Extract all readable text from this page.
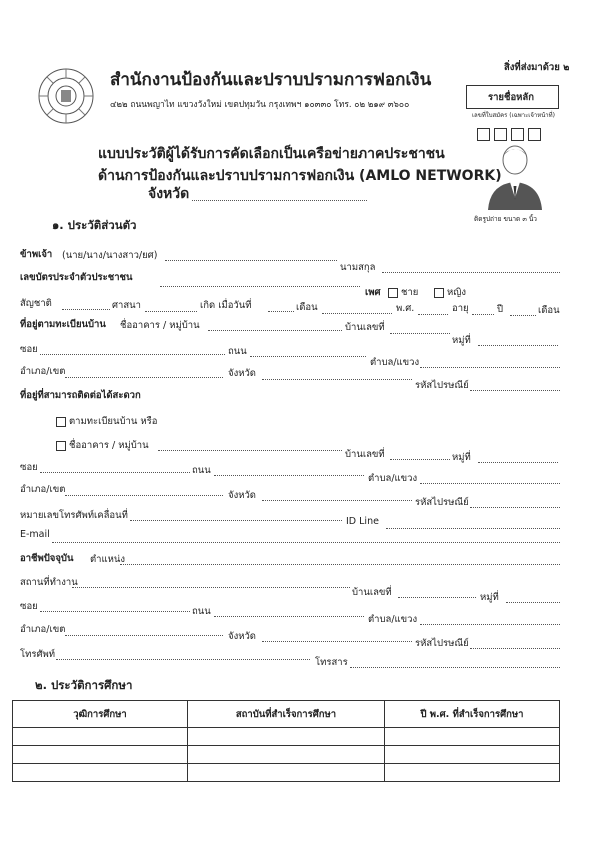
สิ่งที่ส่งมาด้วย ๒
สำนักงานป้องกันและปราบปรามการฟอกเงิน
๔๒๒ ถนนพญาไท แขวงวังใหม่ เขตปทุมวัน กรุงเทพฯ ๑๐๓๓๐ โทร. ๐๒ ๒๑๙ ๓๖๐๐
แบบประวัติผู้ได้รับการคัดเลือกเป็นเครือข่ายภาคประชาชน
ด้านการป้องกันและปราบปรามการฟอกเงิน (AMLO NETWORK)
จังหวัด
รายชื่อหลัก
เลขที่ใบสมัคร (เฉพาะเจ้าหน้าที่)
ติดรูปถ่าย ขนาด ๓ นิ้ว
๑. ประวัติส่วนตัว
ข้าพเจ้า (นาย/นาง/นางสาว/ยศ)
นามสกุล
เลขบัตรประจำตัวประชาชน
เพศ	ชาย	หญิง
สัญชาติ	ศาสนา	เกิด เมื่อวันที่	เดือน	พ.ศ.	อายุ	ปี	เดือน
ที่อยู่ตามทะเบียนบ้าน ชื่ออาคาร / หมู่บ้าน	บ้านเลขที่
หมู่ที่
ซอย	ถนน
ตำบล/แขวง
อำเภอ/เขต	จังหวัด
รหัสไปรษณีย์
ที่อยู่ที่สามารถติดต่อได้สะดวก
ตามทะเบียนบ้าน หรือ
ชื่ออาคาร / หมู่บ้าน
บ้านเลขที่	หมู่ที่
ซอย	ถนน
ตำบล/แขวง
อำเภอ/เขต
จังหวัด
รหัสไปรษณีย์
หมายเลขโทรศัพท์เคลื่อนที่
ID Line
E-mail
อาชีพปัจจุบัน ตำแหน่ง
สถานที่ทำงาน
บ้านเลขที่	หมู่ที่
ซอย	ถนน
ตำบล/แขวง
อำเภอ/เขต
จังหวัด
รหัสไปรษณีย์
โทรศัพท์
โทรสาร
๒. ประวัติการศึกษา
วุฒิการศึกษา	สถาบันที่สำเร็จการศึกษา	ปี พ.ศ. ที่สำเร็จการศึกษา
